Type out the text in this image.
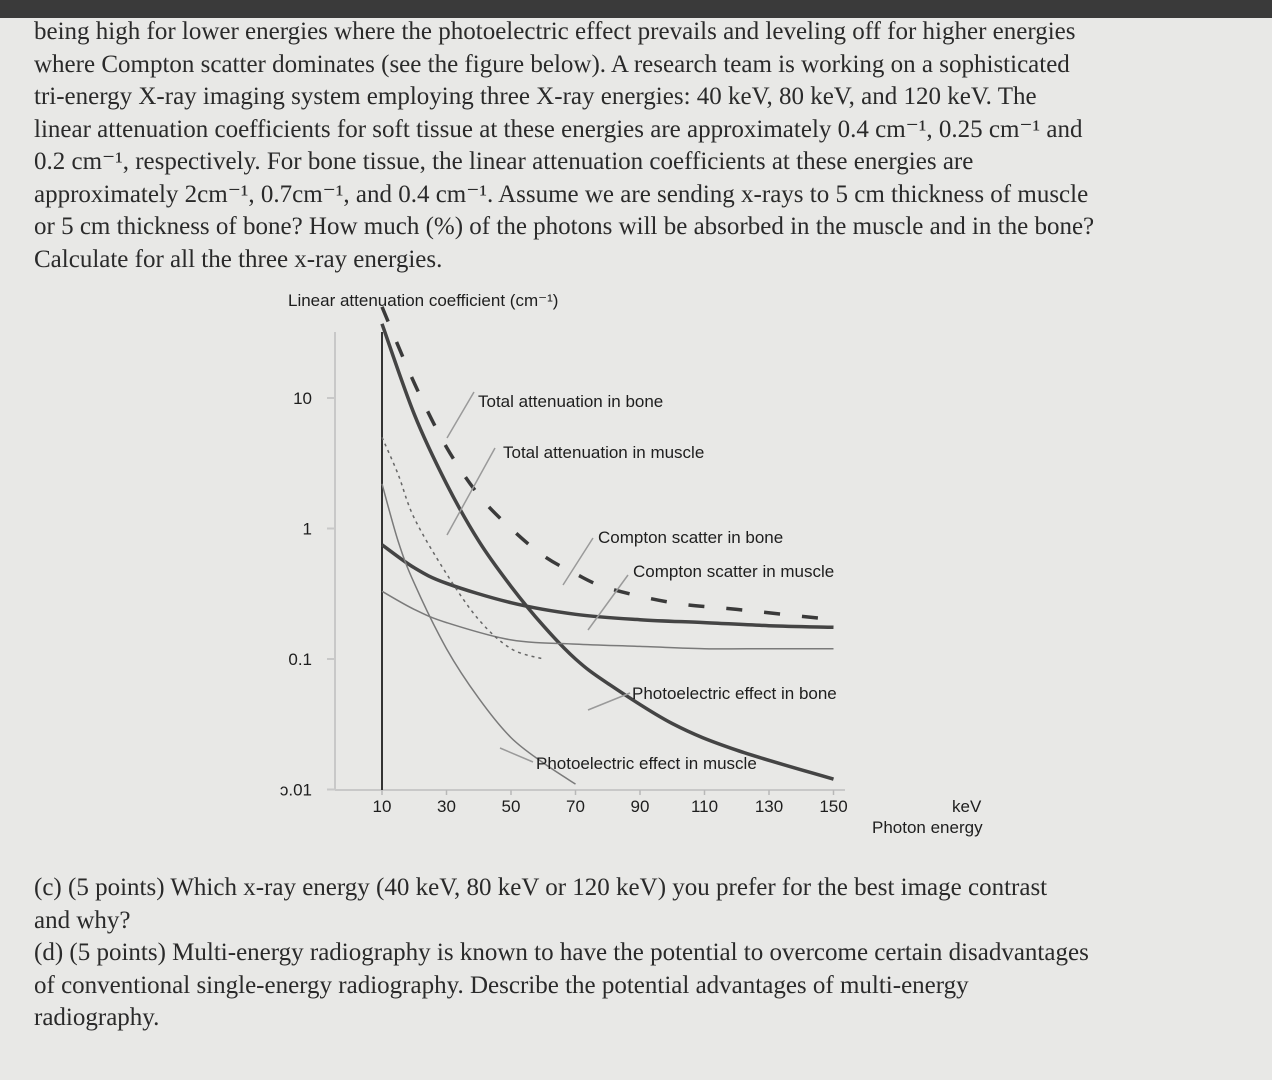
being high for lower energies where the photoelectric effect prevails and leveling off for higher energies
where Compton scatter dominates (see the figure below). A research team is working on a sophisticated
tri-energy X-ray imaging system employing three X-ray energies: 40 keV, 80 keV, and 120 keV. The
linear attenuation coefficients for soft tissue at these energies are approximately 0.4 cm⁻¹, 0.25 cm⁻¹ and
0.2 cm⁻¹, respectively. For bone tissue, the linear attenuation coefficients at these energies are
approximately 2cm⁻¹, 0.7cm⁻¹, and 0.4 cm⁻¹. Assume we are sending x-rays to 5 cm thickness of muscle
or 5 cm thickness of bone? How much (%) of the photons will be absorbed in the muscle and in the bone?
Calculate for all the three x-ray energies.
Linear attenuation coefficient (cm⁻¹)
10
1
0.1
ɔ.01
10	30	50	70	90 110 130 150
Total attenuation in bone
Total attenuation in muscle
Compton scatter in bone
Compton scatter in muscle
Photoelectric effect in bone
Photoelectric effect in muscle
keV
Photon energy
(c) (5 points) Which x-ray energy (40 keV, 80 keV or 120 keV) you prefer for the best image contrast
and why?
(d) (5 points) Multi-energy radiography is known to have the potential to overcome certain disadvantages
of conventional single-energy radiography. Describe the potential advantages of multi-energy
radiography.
